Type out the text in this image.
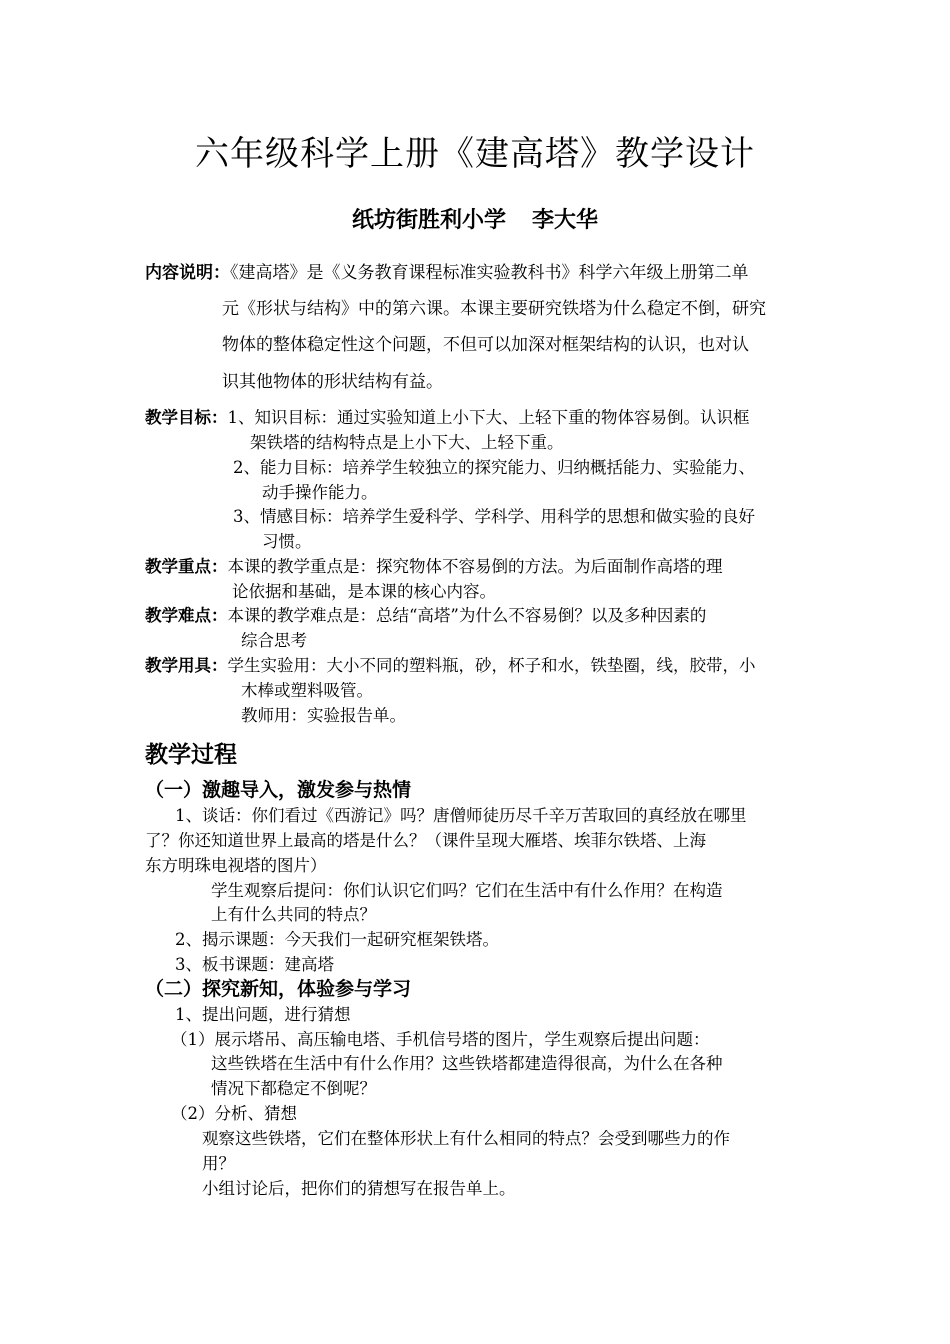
六年级科学上册《建高塔》教学设计
纸坊街胜利小学 李大华
内容说明：《建高塔》是《义务教育课程标准实验教科书》科学六年级上册第二单
元《形状与结构》中的第六课。本课主要研究铁塔为什么稳定不倒，研究
物体的整体稳定性这个问题，不但可以加深对框架结构的认识，也对认
识其他物体的形状结构有益。
教学目标：1、知识目标：通过实验知道上小下大、上轻下重的物体容易倒。认识框
架铁塔的结构特点是上小下大、上轻下重。
2、能力目标：培养学生较独立的探究能力、归纳概括能力、实验能力、
动手操作能力。
3、情感目标：培养学生爱科学、学科学、用科学的思想和做实验的良好
习惯。
教学重点：本课的教学重点是：探究物体不容易倒的方法。为后面制作高塔的理
论依据和基础，是本课的核心内容。
教学难点：本课的教学难点是：总结“高塔”为什么不容易倒？以及多种因素的
综合思考
教学用具：学生实验用：大小不同的塑料瓶，砂，杯子和水，铁垫圈，线，胶带，小
木棒或塑料吸管。
教师用：实验报告单。
教学过程
（一）激趣导入，激发参与热情
1、谈话：你们看过《西游记》吗？唐僧师徒历尽千辛万苦取回的真经放在哪里
了？你还知道世界上最高的塔是什么？（课件呈现大雁塔、埃菲尔铁塔、上海
东方明珠电视塔的图片）
学生观察后提问：你们认识它们吗？它们在生活中有什么作用？在构造
上有什么共同的特点？
2、揭示课题：今天我们一起研究框架铁塔。
3、板书课题：建高塔
（二）探究新知，体验参与学习
1、提出问题，进行猜想
（1）展示塔吊、高压输电塔、手机信号塔的图片，学生观察后提出问题：
这些铁塔在生活中有什么作用？这些铁塔都建造得很高，为什么在各种
情况下都稳定不倒呢？
（2）分析、猜想
观察这些铁塔，它们在整体形状上有什么相同的特点？会受到哪些力的作
用？
小组讨论后，把你们的猜想写在报告单上。
